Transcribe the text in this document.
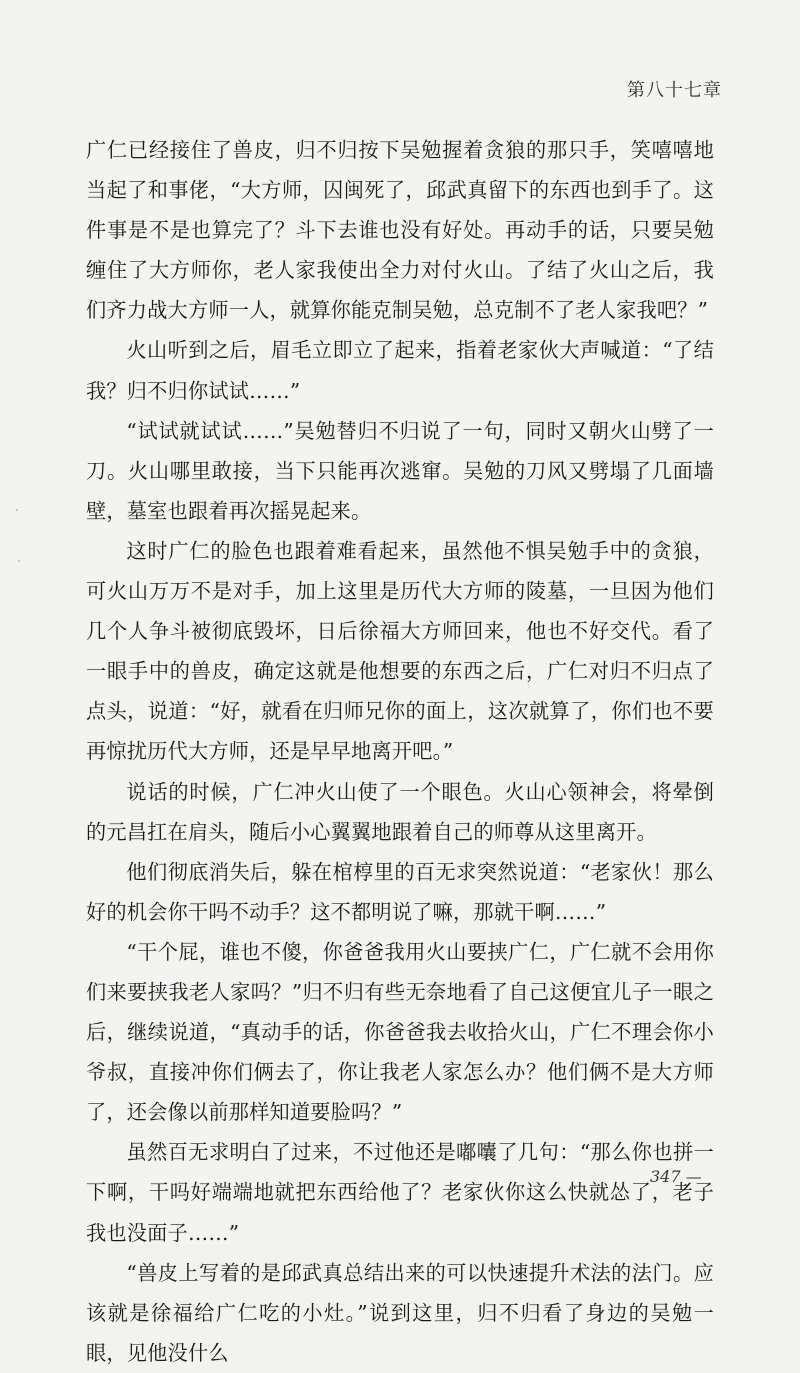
第八十七章

广仁已经接住了兽皮，归不归按下吴勉握着贪狼的那只手，笑嘻嘻地当起了和事佬，“大方师，囚闽死了，邱武真留下的东西也到手了。这件事是不是也算完了？斗下去谁也没有好处。再动手的话，只要吴勉缠住了大方师你，老人家我使出全力对付火山。了结了火山之后，我们齐力战大方师一人，就算你能克制吴勉，总克制不了老人家我吧？”

火山听到之后，眉毛立即立了起来，指着老家伙大声喊道：“了结我？归不归你试试……”

“试试就试试……”吴勉替归不归说了一句，同时又朝火山劈了一刀。火山哪里敢接，当下只能再次逃窜。吴勉的刀风又劈塌了几面墙壁，墓室也跟着再次摇晃起来。

这时广仁的脸色也跟着难看起来，虽然他不惧吴勉手中的贪狼，可火山万万不是对手，加上这里是历代大方师的陵墓，一旦因为他们几个人争斗被彻底毁坏，日后徐福大方师回来，他也不好交代。看了一眼手中的兽皮，确定这就是他想要的东西之后，广仁对归不归点了点头，说道：“好，就看在归师兄你的面上，这次就算了，你们也不要再惊扰历代大方师，还是早早地离开吧。”

说话的时候，广仁冲火山使了一个眼色。火山心领神会，将晕倒的元昌扛在肩头，随后小心翼翼地跟着自己的师尊从这里离开。

他们彻底消失后，躲在棺椁里的百无求突然说道：“老家伙！那么好的机会你干吗不动手？这不都明说了嘛，那就干啊……”

“干个屁，谁也不傻，你爸爸我用火山要挟广仁，广仁就不会用你们来要挟我老人家吗？”归不归有些无奈地看了自己这便宜儿子一眼之后，继续说道，“真动手的话，你爸爸我去收拾火山，广仁不理会你小爷叔，直接冲你们俩去了，你让我老人家怎么办？他们俩不是大方师了，还会像以前那样知道要脸吗？”

虽然百无求明白了过来，不过他还是嘟囔了几句：“那么你也拼一下啊，干吗好端端地就把东西给他了？老家伙你这么快就怂了，老子我也没面子……”

“兽皮上写着的是邱武真总结出来的可以快速提升术法的法门。应该就是徐福给广仁吃的小灶。”说到这里，归不归看了身边的吴勉一眼，见他没什么

347 —
